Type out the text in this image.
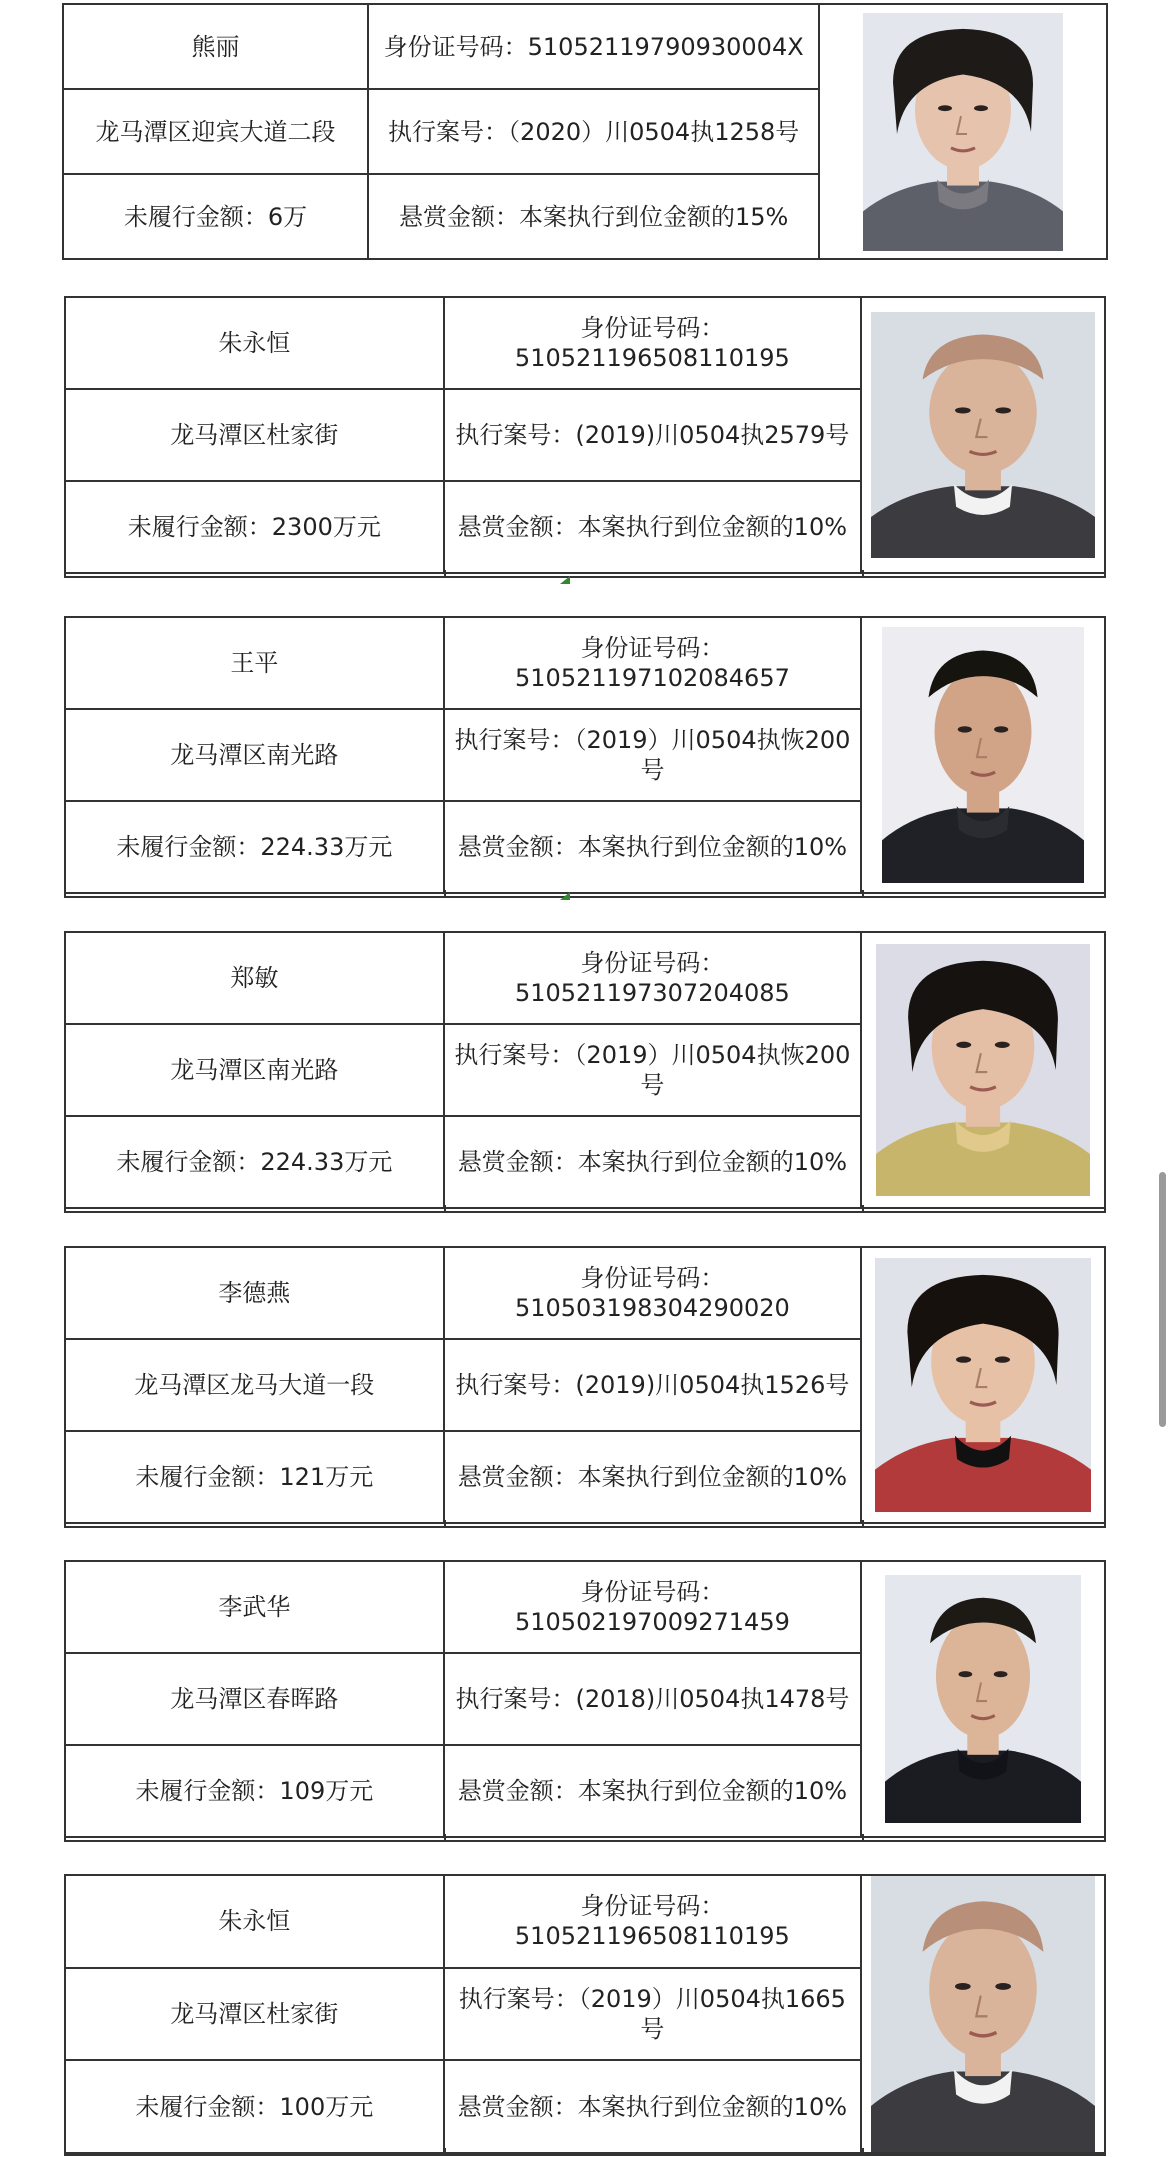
熊丽	身份证号码：51052119790930004X	

龙马潭区迎宾大道二段	执行案号：（2020）川0504执1258号	
未履行金额：6万	悬赏金额：本案执行到位金额的15%	
朱永恒	身份证号码：510521196508110195	

龙马潭区杜家街	执行案号：(2019)川0504执2579号	
未履行金额：2300万元	悬赏金额：本案执行到位金额的10%	
王平	身份证号码：510521197102084657	

龙马潭区南光路	执行案号：（2019）川0504执恢200号	
未履行金额：224.33万元	悬赏金额：本案执行到位金额的10%	
郑敏	身份证号码：510521197307204085	

龙马潭区南光路	执行案号：（2019）川0504执恢200号	
未履行金额：224.33万元	悬赏金额：本案执行到位金额的10%	
李德燕	身份证号码：510503198304290020	

龙马潭区龙马大道一段	执行案号：(2019)川0504执1526号	
未履行金额：121万元	悬赏金额：本案执行到位金额的10%	
李武华	身份证号码：510502197009271459	

龙马潭区春晖路	执行案号：(2018)川0504执1478号	
未履行金额：109万元	悬赏金额：本案执行到位金额的10%	
朱永恒	身份证号码：510521196508110195	

龙马潭区杜家街	执行案号：（2019）川0504执1665号	
未履行金额：100万元	悬赏金额：本案执行到位金额的10%	
